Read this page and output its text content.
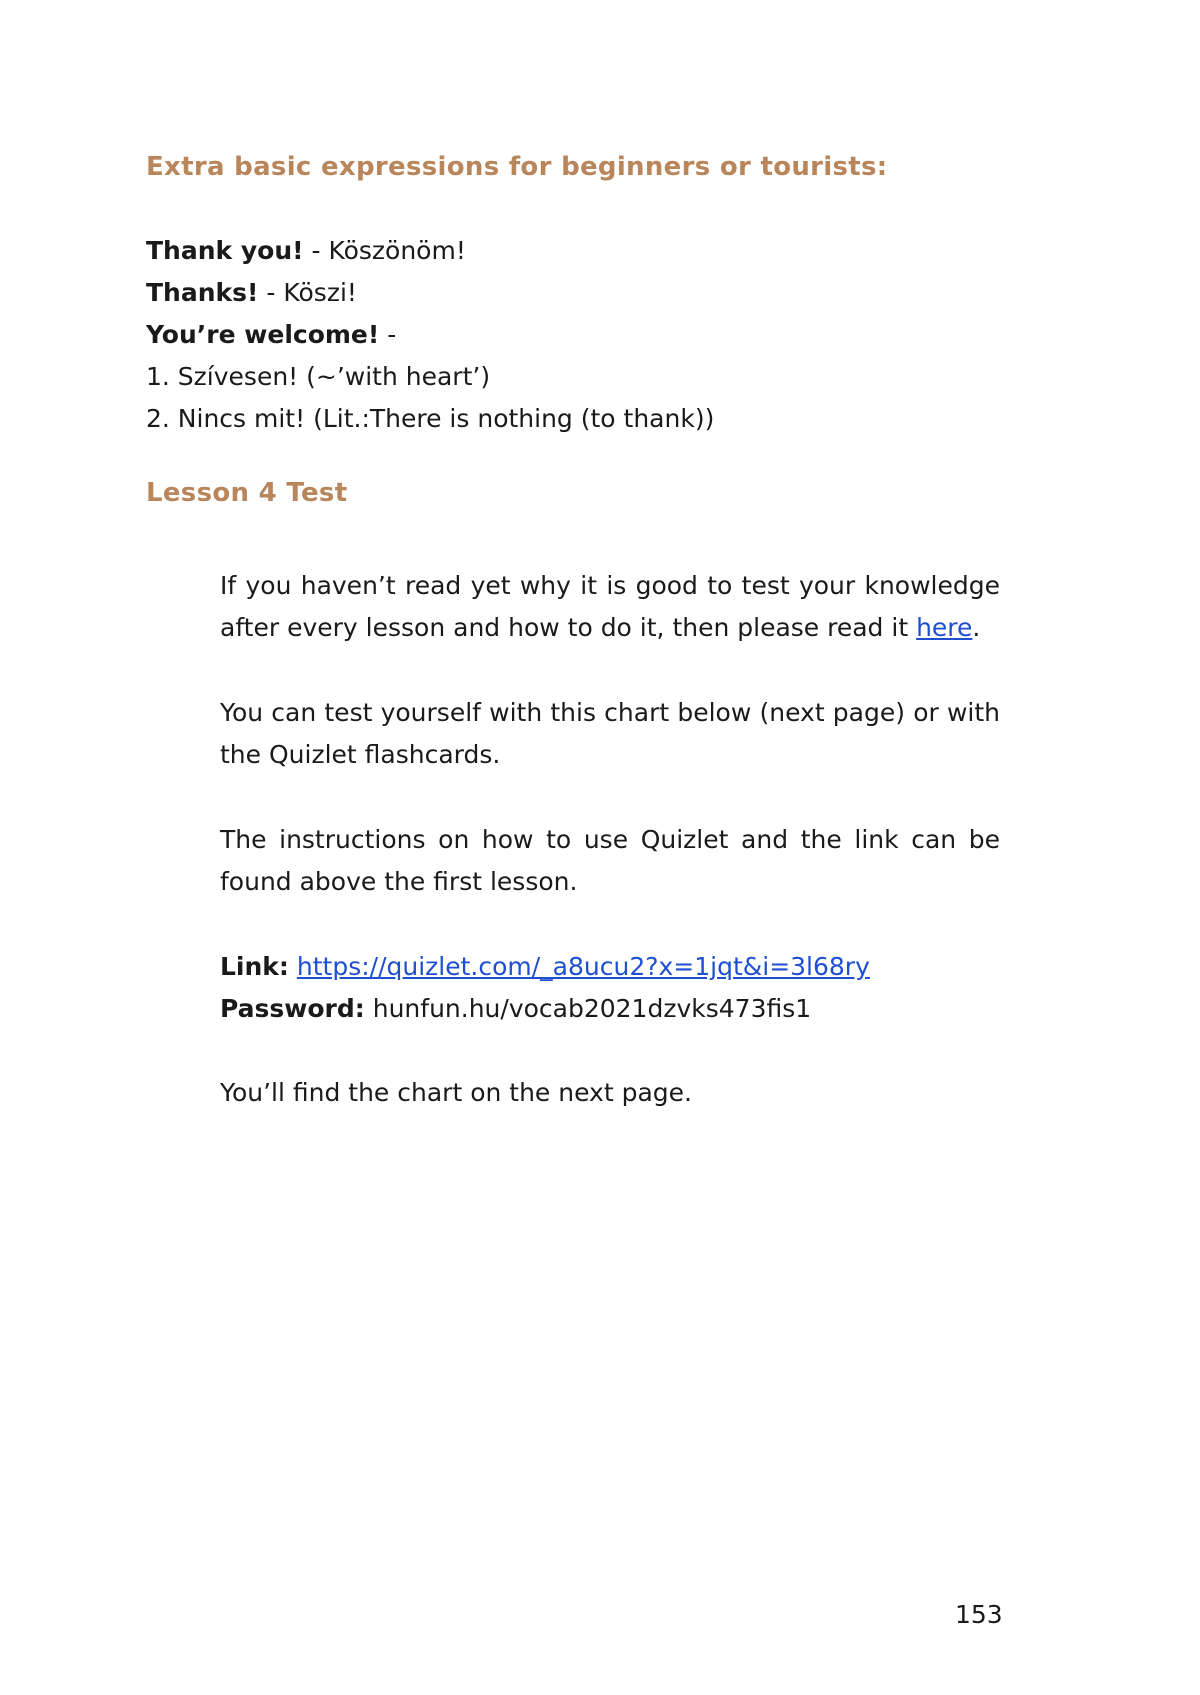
Extra basic expressions for beginners or tourists:
Thank you! - Köszönöm!
Thanks! - Köszi!
You’re welcome! -
1. Szívesen! (~’with heart’)
2. Nincs mit! (Lit.:There is nothing (to thank))
Lesson 4 Test
If you haven’t read yet why it is good to test your knowledge after every lesson and how to do it, then please read it here.
You can test yourself with this chart below (next page) or with the Quizlet flashcards.
The instructions on how to use Quizlet and the link can be found above the first lesson.
Link: https://quizlet.com/_a8ucu2?x=1jqt&i=3l68ry
Password: hunfun.hu/vocab2021dzvks473fis1
You’ll find the chart on the next page.
153
